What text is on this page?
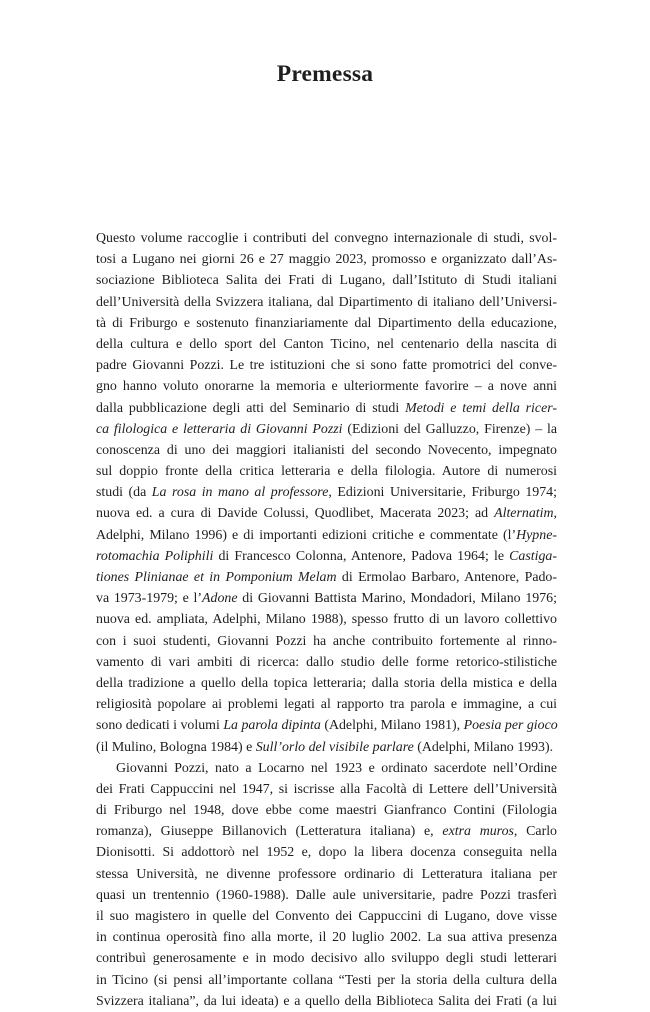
Premessa
Questo volume raccoglie i contributi del convegno internazionale di studi, svol-
tosi a Lugano nei giorni 26 e 27 maggio 2023, promosso e organizzato dall’As-
sociazione Biblioteca Salita dei Frati di Lugano, dall’Istituto di Studi italiani
dell’Università della Svizzera italiana, dal Dipartimento di italiano dell’Universi-
tà di Friburgo e sostenuto finanziariamente dal Dipartimento della educazione,
della cultura e dello sport del Canton Ticino, nel centenario della nascita di
padre Giovanni Pozzi. Le tre istituzioni che si sono fatte promotrici del conve-
gno hanno voluto onorarne la memoria e ulteriormente favorire – a nove anni
dalla pubblicazione degli atti del Seminario di studi Metodi e temi della ricer-
ca filologica e letteraria di Giovanni Pozzi (Edizioni del Galluzzo, Firenze) – la
conoscenza di uno dei maggiori italianisti del secondo Novecento, impegnato
sul doppio fronte della critica letteraria e della filologia. Autore di numerosi
studi (da La rosa in mano al professore, Edizioni Universitarie, Friburgo 1974;
nuova ed. a cura di Davide Colussi, Quodlibet, Macerata 2023; ad Alternatim,
Adelphi, Milano 1996) e di importanti edizioni critiche e commentate (l’Hypne-
rotomachia Poliphili di Francesco Colonna, Antenore, Padova 1964; le Castiga-
tiones Plinianae et in Pomponium Melam di Ermolao Barbaro, Antenore, Pado-
va 1973-1979; e l’Adone di Giovanni Battista Marino, Mondadori, Milano 1976;
nuova ed. ampliata, Adelphi, Milano 1988), spesso frutto di un lavoro collettivo
con i suoi studenti, Giovanni Pozzi ha anche contribuito fortemente al rinno-
vamento di vari ambiti di ricerca: dallo studio delle forme retorico-stilistiche
della tradizione a quello della topica letteraria; dalla storia della mistica e della
religiosità popolare ai problemi legati al rapporto tra parola e immagine, a cui
sono dedicati i volumi La parola dipinta (Adelphi, Milano 1981), Poesia per gioco
(il Mulino, Bologna 1984) e Sull’orlo del visibile parlare (Adelphi, Milano 1993).
Giovanni Pozzi, nato a Locarno nel 1923 e ordinato sacerdote nell’Ordine
dei Frati Cappuccini nel 1947, si iscrisse alla Facoltà di Lettere dell’Università
di Friburgo nel 1948, dove ebbe come maestri Gianfranco Contini (Filologia
romanza), Giuseppe Billanovich (Letteratura italiana) e, extra muros, Carlo
Dionisotti. Si addottorò nel 1952 e, dopo la libera docenza conseguita nella
stessa Università, ne divenne professore ordinario di Letteratura italiana per
quasi un trentennio (1960-1988). Dalle aule universitarie, padre Pozzi trasferì
il suo magistero in quelle del Convento dei Cappuccini di Lugano, dove visse
in continua operosità fino alla morte, il 20 luglio 2002. La sua attiva presenza
contribuì generosamente e in modo decisivo allo sviluppo degli studi letterari
in Ticino (si pensi all’importante collana “Testi per la storia della cultura della
Svizzera italiana”, da lui ideata) e a quello della Biblioteca Salita dei Frati (a lui
